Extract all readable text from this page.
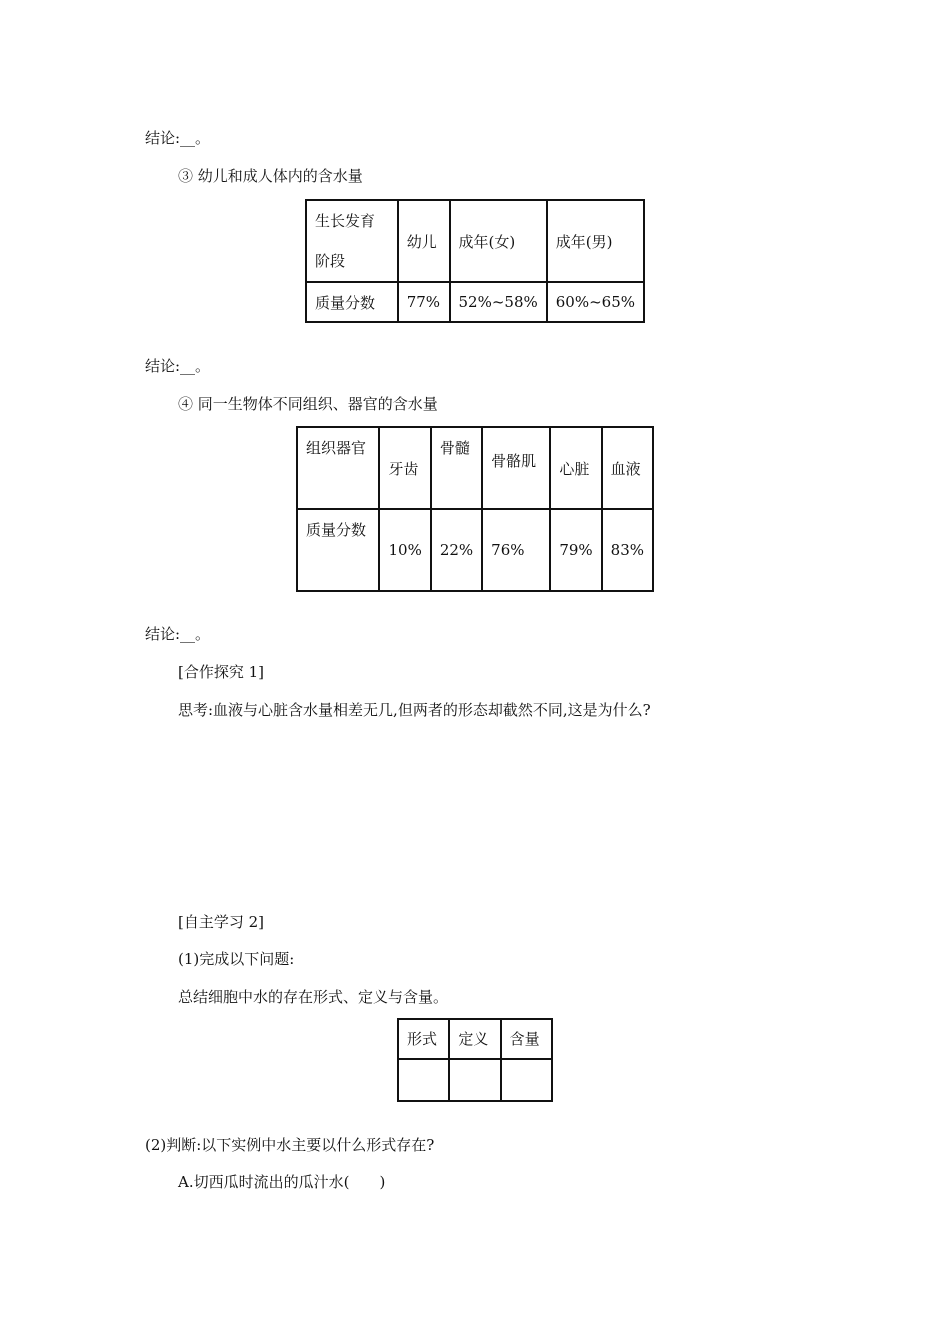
结论:__。
③ 幼儿和成人体内的含水量
生长发育阶段	幼儿	成年(女)	成年(男)
质量分数	77%	52%~58%	60%~65%
结论:__。
④ 同一生物体不同组织、器官的含水量
组织器官	牙齿	骨髓	骨骼肌	心脏	血液
质量分数	10%	22%	76%	79%	83%
结论:__。
[合作探究 1]
思考:血液与心脏含水量相差无几,但两者的形态却截然不同,这是为什么?
[自主学习 2]
(1)完成以下问题:
总结细胞中水的存在形式、定义与含量。
形式	定义	含量

(2)判断:以下实例中水主要以什么形式存在?
A.切西瓜时流出的瓜汁水(　　)
